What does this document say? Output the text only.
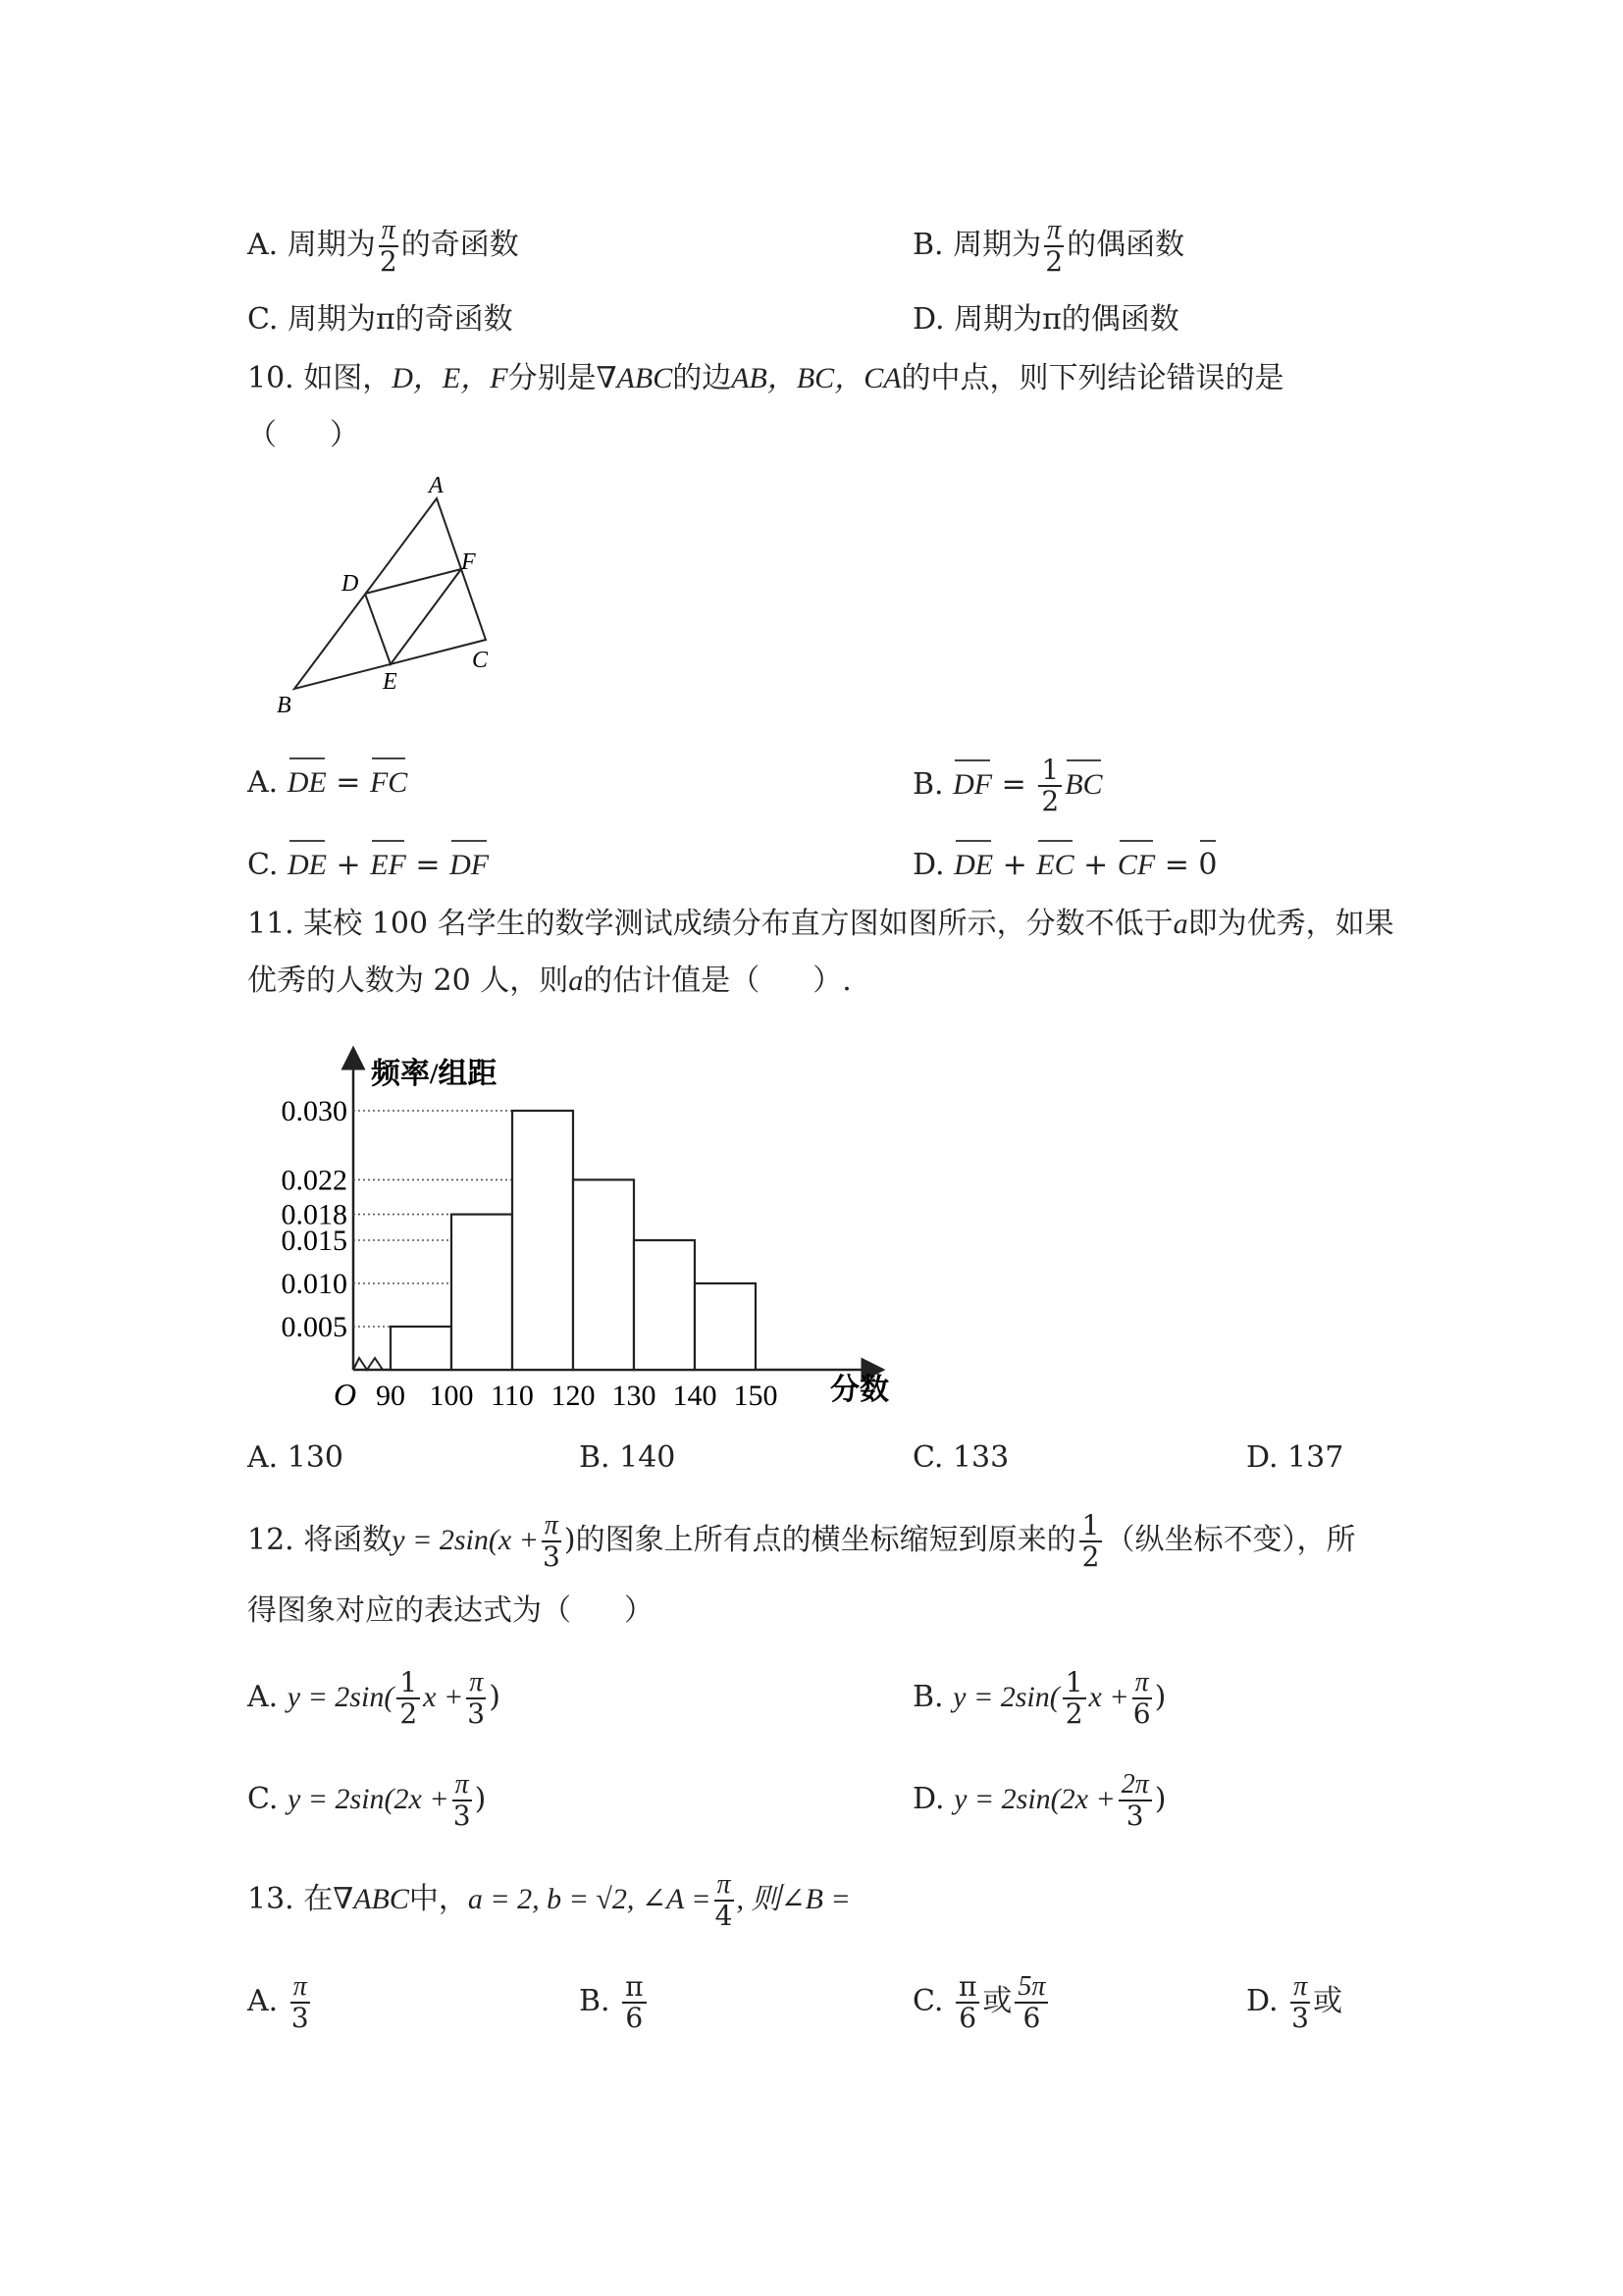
A. 周期为 $\frac{\pi}{2}$ 的奇函数	B. 周期为 $\frac{\pi}{2}$ 的偶函数
C. 周期为π的奇函数	D. 周期为π的偶函数
10. 如图，D，E，F分别是∇ABC的边AB，BC，CA的中点，则下列结论错误的是
（ ）
A
B
C
D
E
F
A. DE = FC	B. DF = $\frac{1}{2}$ BC
C. DE + EF = DF	D. DE + EC + CF = 0
11. 某校 100 名学生的数学测试成绩分布直方图如图所示，分数不低于a即为优秀，如果
优秀的人数为 20 人，则a的估计值是（ ）.
频率/组距
分数
O
0.030
0.022
0.018
0.015
0.010
0.005
90 100 110 120 130 140 150
A. 130	B. 140	C. 133	D. 137
12. 将函数$y = 2\sin(x + \frac{\pi}{3}$ )的图象上所有点的横坐标缩短到原来的 $\frac{1}{2}$ （纵坐标不变），所
得图象对应的表达式为（ ）
A. $y = 2\sin( \frac{1}{2}$ $x + \frac{\pi}{3}$ )	B. $y = 2\sin( \frac{1}{2}$ $x + \frac{\pi}{6}$ )
C. $y = 2\sin(2x + \frac{\pi}{3}$ )	D. $y = 2\sin(2x + \frac{2\pi}{3}$ )
13. 在∇ABC中，a = 2, b = √2, ∠A = $\frac{\pi}{4}$ , 则∠B =
A. $\frac{\pi}{3}$	B. $\frac{\pi}{6}$	C. $\frac{\pi}{6}$ 或 $\frac{5\pi}{6}$	D. $\frac{\pi}{3}$ 或
